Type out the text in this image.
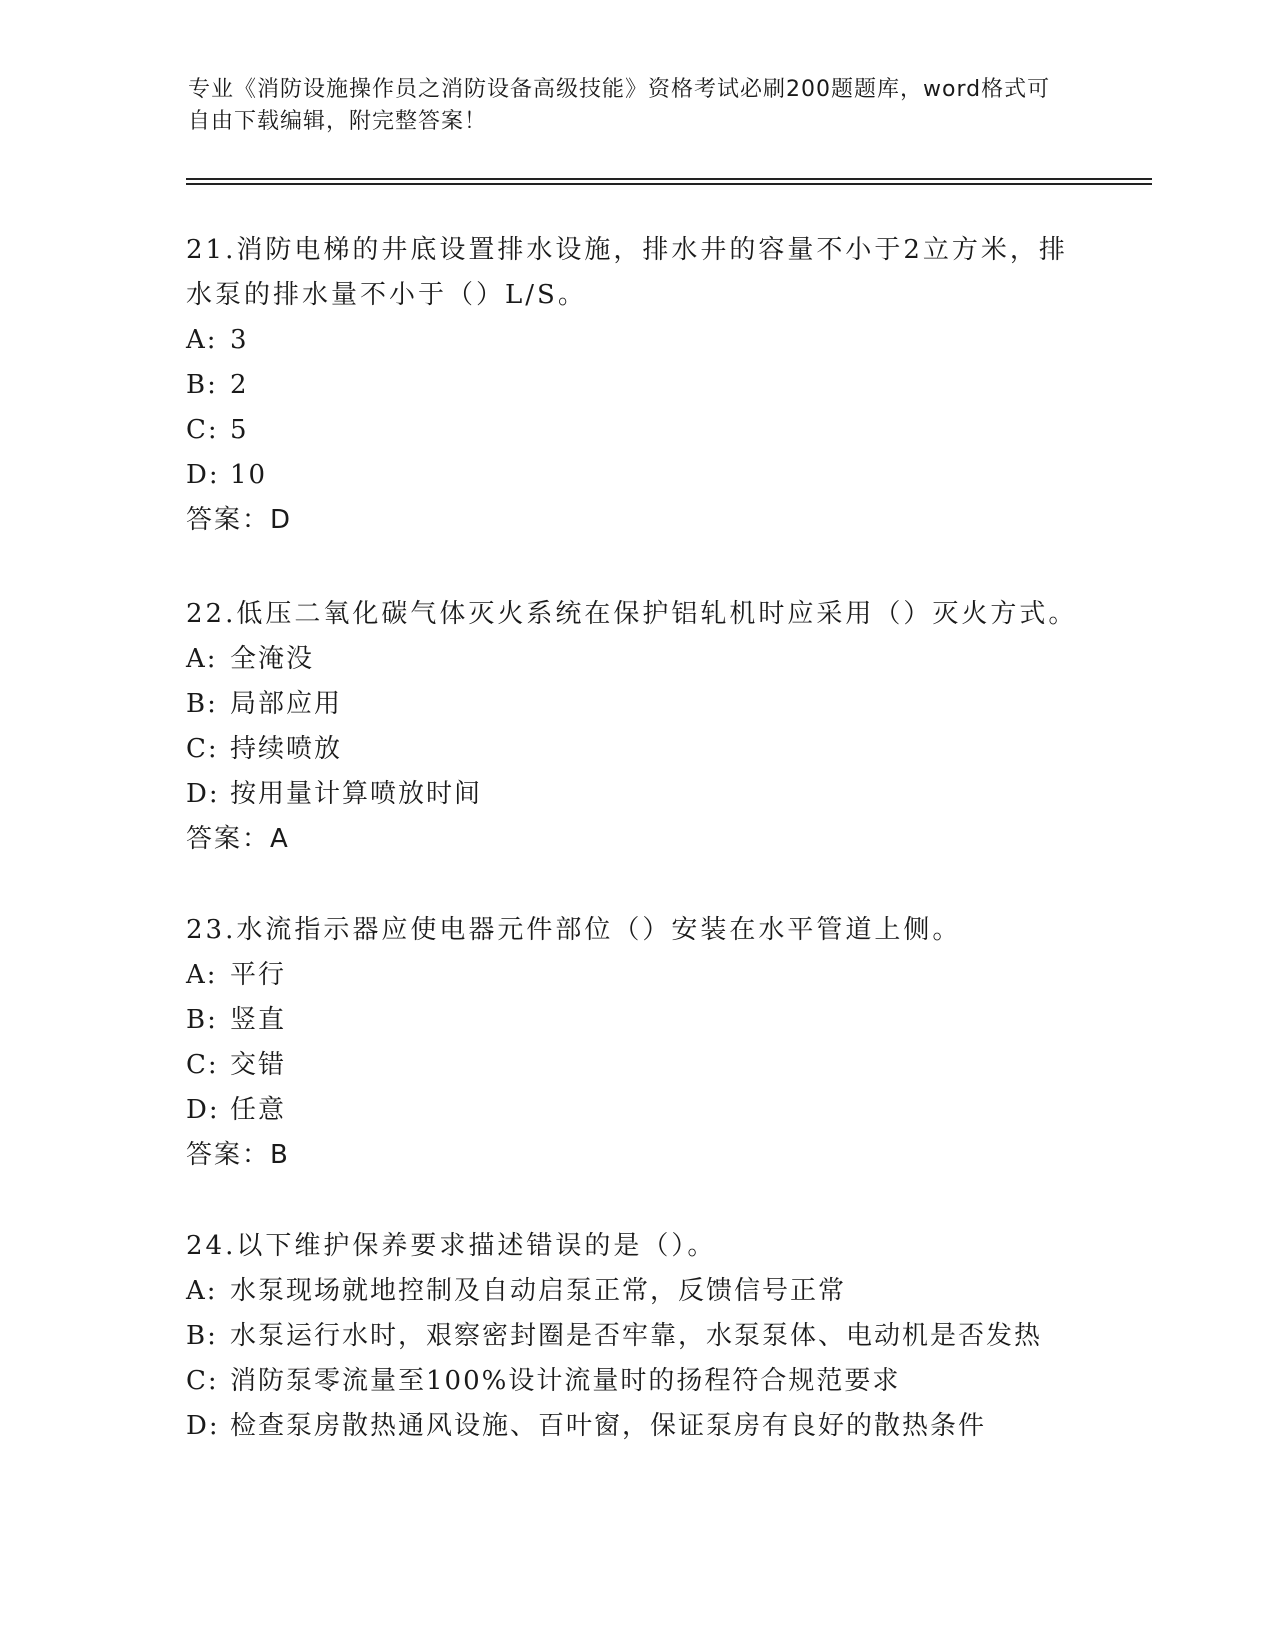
专业《消防设施操作员之消防设备高级技能》资格考试必刷200题题库，word格式可自由下载编辑，附完整答案！

21.消防电梯的井底设置排水设施，排水井的容量不小于2立方米，排水泵的排水量不小于（）L/S。

A: 3
B: 2
C: 5
D: 10
答案：D

22.低压二氧化碳气体灭火系统在保护铝轧机时应采用（）灭火方式。

A: 全淹没
B: 局部应用
C: 持续喷放
D: 按用量计算喷放时间
答案：A

23.水流指示器应使电器元件部位（）安装在水平管道上侧。

A: 平行
B: 竖直
C: 交错
D: 任意
答案：B

24.以下维护保养要求描述错误的是（）。

A: 水泵现场就地控制及自动启泵正常，反馈信号正常
B: 水泵运行水时，艰察密封圈是否牢靠，水泵泵体、电动机是否发热
C: 消防泵零流量至100%设计流量时的扬程符合规范要求
D: 检查泵房散热通风设施、百叶窗，保证泵房有良好的散热条件
